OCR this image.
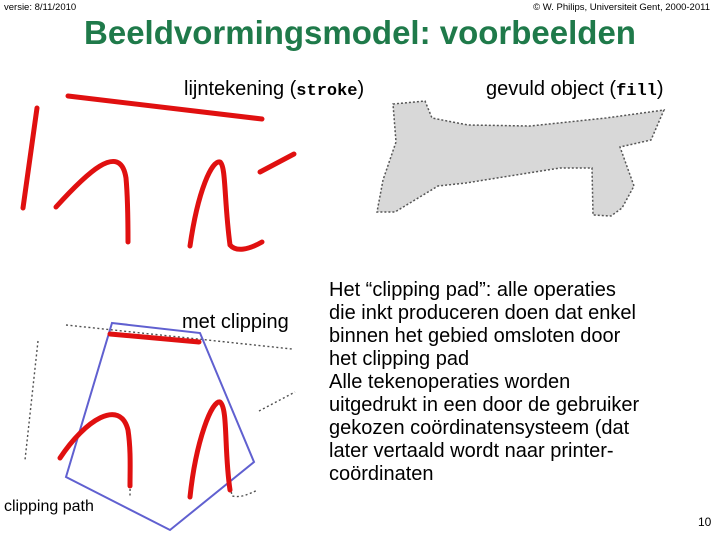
versie: 8/11/2010	© W. Philips, Universiteit Gent, 2000-2011
Beeldvormingsmodel: voorbeelden
lijntekening (stroke)	gevuld object (fill)
met clipping
clipping path
Het “clipping pad”: alle operaties
die inkt produceren doen dat enkel
binnen het gebied omsloten door
het clipping pad
Alle tekenoperaties worden
uitgedrukt in een door de gebruiker
gekozen coördinatensysteem (dat
later vertaald wordt naar printer-
coördinaten
10
